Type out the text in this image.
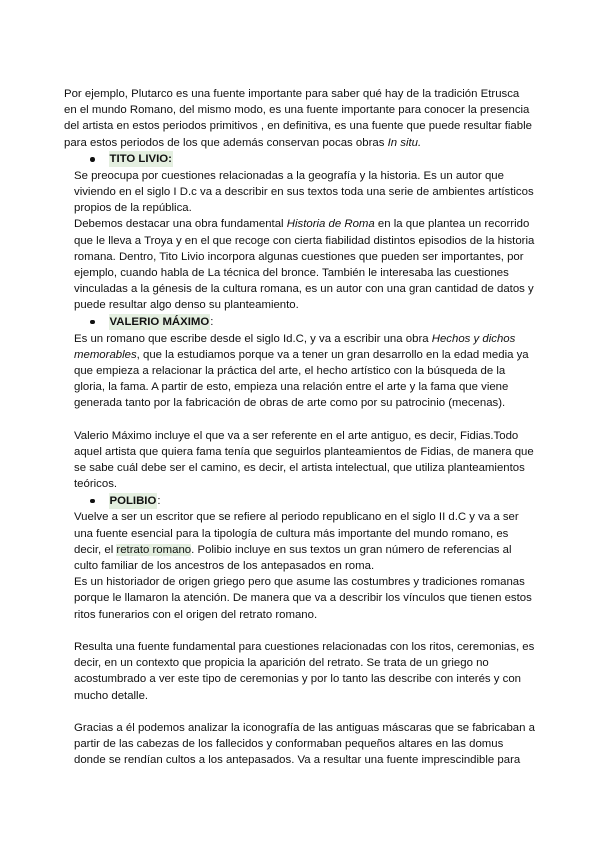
Por ejemplo, Plutarco es una fuente importante para saber qué hay de la tradición Etrusca
en el mundo Romano, del mismo modo, es una fuente importante para conocer la presencia
del artista en estos periodos primitivos , en definitiva, es una fuente que puede resultar fiable
para estos periodos de los que además conservan pocas obras In situ.

TITO LIVIO:

Se preocupa por cuestiones relacionadas a la geografía y la historia. Es un autor que
viviendo en el siglo I D.c va a describir en sus textos toda una serie de ambientes artísticos
propios de la república.

Debemos destacar una obra fundamental Historia de Roma en la que plantea un recorrido
que le lleva a Troya y en el que recoge con cierta fiabilidad distintos episodios de la historia
romana. Dentro, Tito Livio incorpora algunas cuestiones que pueden ser importantes, por
ejemplo, cuando habla de La técnica del bronce. También le interesaba las cuestiones
vinculadas a la génesis de la cultura romana, es un autor con una gran cantidad de datos y
puede resultar algo denso su planteamiento.

VALERIO MÁXIMO :

Es un romano que escribe desde el siglo Id.C, y va a escribir una obra Hechos y dichos
memorables, que la estudiamos porque va a tener un gran desarrollo en la edad media ya
que empieza a relacionar la práctica del arte, el hecho artístico con la búsqueda de la
gloria, la fama. A partir de esto, empieza una relación entre el arte y la fama que viene
generada tanto por la fabricación de obras de arte como por su patrocinio (mecenas).

Valerio Máximo incluye el que va a ser referente en el arte antiguo, es decir, Fidias.Todo
aquel artista que quiera fama tenía que seguirlos planteamientos de Fidias, de manera que
se sabe cuál debe ser el camino, es decir, el artista intelectual, que utiliza planteamientos
teóricos.

POLIBIO :

Vuelve a ser un escritor que se refiere al periodo republicano en el siglo II d.C y va a ser
una fuente esencial para la tipología de cultura más importante del mundo romano, es
decir, el retrato romano. Polibio incluye en sus textos un gran número de referencias al
culto familiar de los ancestros de los antepasados en roma.
Es un historiador de origen griego pero que asume las costumbres y tradiciones romanas
porque le llamaron la atención. De manera que va a describir los vínculos que tienen estos
ritos funerarios con el origen del retrato romano.

Resulta una fuente fundamental para cuestiones relacionadas con los ritos, ceremonias, es
decir, en un contexto que propicia la aparición del retrato. Se trata de un griego no
acostumbrado a ver este tipo de ceremonias y por lo tanto las describe con interés y con
mucho detalle.

Gracias a él podemos analizar la iconografía de las antiguas máscaras que se fabricaban a
partir de las cabezas de los fallecidos y conformaban pequeños altares en las domus
donde se rendían cultos a los antepasados. Va a resultar una fuente imprescindible para
